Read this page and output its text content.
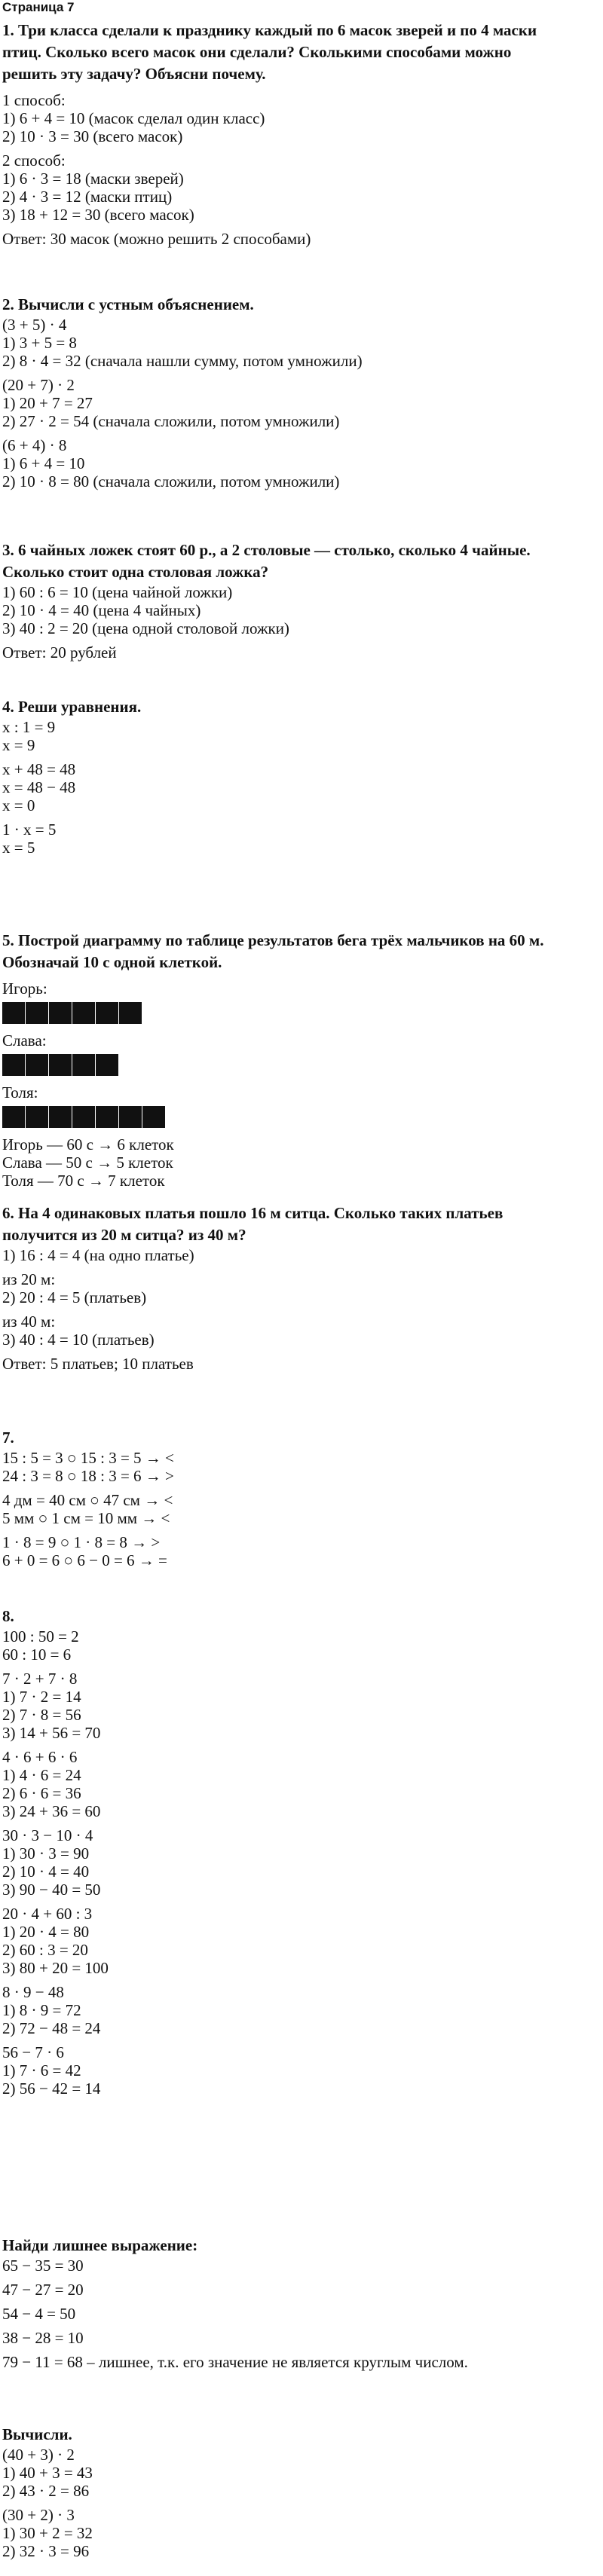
Страница 7
1. Три класса сделали к празднику каждый по 6 масок зверей и по 4 маски
птиц. Сколько всего масок они сделали? Сколькими способами можно
решить эту задачу? Объясни почему.
1 способ:
1) 6 + 4 = 10 (масок сделал один класс)
2) 10 · 3 = 30 (всего масок)
2 способ:
1) 6 · 3 = 18 (маски зверей)
2) 4 · 3 = 12 (маски птиц)
3) 18 + 12 = 30 (всего масок)
Ответ: 30 масок (можно решить 2 способами)
2. Вычисли с устным объяснением.
(3 + 5) · 4
1) 3 + 5 = 8
2) 8 · 4 = 32 (сначала нашли сумму, потом умножили)
(20 + 7) · 2
1) 20 + 7 = 27
2) 27 · 2 = 54 (сначала сложили, потом умножили)
(6 + 4) · 8
1) 6 + 4 = 10
2) 10 · 8 = 80 (сначала сложили, потом умножили)
3. 6 чайных ложек стоят 60 р., а 2 столовые — столько, сколько 4 чайные.
Сколько стоит одна столовая ложка?
1) 60 : 6 = 10 (цена чайной ложки)
2) 10 · 4 = 40 (цена 4 чайных)
3) 40 : 2 = 20 (цена одной столовой ложки)
Ответ: 20 рублей
4. Реши уравнения.
x : 1 = 9
x = 9
x + 48 = 48
x = 48 − 48
x = 0
1 · x = 5
x = 5
5. Построй диаграмму по таблице результатов бега трёх мальчиков на 60 м.
Обозначай 10 с одной клеткой.
Игорь:
Слава:
Толя:
Игорь — 60 с → 6 клеток
Слава — 50 с → 5 клеток
Толя — 70 с → 7 клеток
6. На 4 одинаковых платья пошло 16 м ситца. Сколько таких платьев
получится из 20 м ситца? из 40 м?
1) 16 : 4 = 4 (на одно платье)
из 20 м:
2) 20 : 4 = 5 (платьев)
из 40 м:
3) 40 : 4 = 10 (платьев)
Ответ: 5 платьев; 10 платьев
7.
15 : 5 = 3 ○ 15 : 3 = 5 → <
24 : 3 = 8 ○ 18 : 3 = 6 → >
4 дм = 40 см ○ 47 см → <
5 мм ○ 1 см = 10 мм → <
1 · 8 = 9 ○ 1 · 8 = 8 → >
6 + 0 = 6 ○ 6 − 0 = 6 → =
8.
100 : 50 = 2
60 : 10 = 6
7 · 2 + 7 · 8
1) 7 · 2 = 14
2) 7 · 8 = 56
3) 14 + 56 = 70
4 · 6 + 6 · 6
1) 4 · 6 = 24
2) 6 · 6 = 36
3) 24 + 36 = 60
30 · 3 − 10 · 4
1) 30 · 3 = 90
2) 10 · 4 = 40
3) 90 − 40 = 50
20 · 4 + 60 : 3
1) 20 · 4 = 80
2) 60 : 3 = 20
3) 80 + 20 = 100
8 · 9 − 48
1) 8 · 9 = 72
2) 72 − 48 = 24
56 − 7 · 6
1) 7 · 6 = 42
2) 56 − 42 = 14
Найди лишнее выражение:
65 − 35 = 30
47 − 27 = 20
54 − 4 = 50
38 − 28 = 10
79 − 11 = 68 – лишнее, т.к. его значение не является круглым числом.
Вычисли.
(40 + 3) · 2
1) 40 + 3 = 43
2) 43 · 2 = 86
(30 + 2) · 3
1) 30 + 2 = 32
2) 32 · 3 = 96
